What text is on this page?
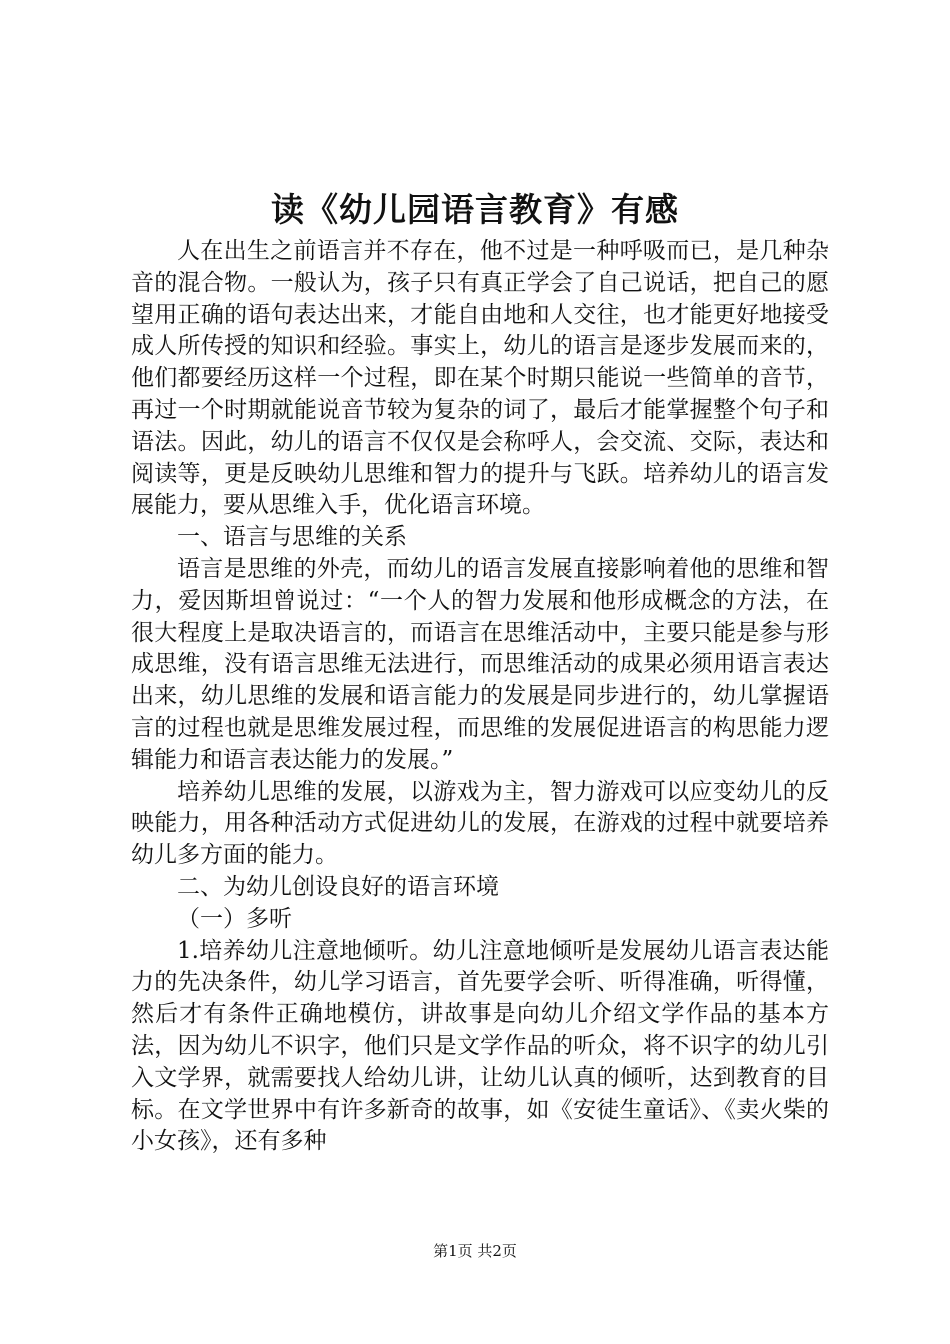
读《幼儿园语言教育》有感

人在出生之前语言并不存在，他不过是一种呼吸而已，是几种杂音的混合物。一般认为，孩子只有真正学会了自己说话，把自己的愿望用正确的语句表达出来，才能自由地和人交往，也才能更好地接受成人所传授的知识和经验。事实上，幼儿的语言是逐步发展而来的，他们都要经历这样一个过程，即在某个时期只能说一些简单的音节，再过一个时期就能说音节较为复杂的词了，最后才能掌握整个句子和语法。因此，幼儿的语言不仅仅是会称呼人，会交流、交际，表达和阅读等，更是反映幼儿思维和智力的提升与飞跃。培养幼儿的语言发展能力，要从思维入手，优化语言环境。

一、语言与思维的关系

语言是思维的外壳，而幼儿的语言发展直接影响着他的思维和智力，爱因斯坦曾说过：“一个人的智力发展和他形成概念的方法，在很大程度上是取决语言的，而语言在思维活动中，主要只能是参与形成思维，没有语言思维无法进行，而思维活动的成果必须用语言表达出来，幼儿思维的发展和语言能力的发展是同步进行的，幼儿掌握语言的过程也就是思维发展过程，而思维的发展促进语言的构思能力逻辑能力和语言表达能力的发展。”

培养幼儿思维的发展，以游戏为主，智力游戏可以应变幼儿的反映能力，用各种活动方式促进幼儿的发展，在游戏的过程中就要培养幼儿多方面的能力。

二、为幼儿创设良好的语言环境

（一）多听

1.培养幼儿注意地倾听。幼儿注意地倾听是发展幼儿语言表达能力的先决条件，幼儿学习语言，首先要学会听、听得准确，听得懂，然后才有条件正确地模仿，讲故事是向幼儿介绍文学作品的基本方法，因为幼儿不识字，他们只是文学作品的听众，将不识字的幼儿引入文学界，就需要找人给幼儿讲，让幼儿认真的倾听，达到教育的目标。在文学世界中有许多新奇的故事，如《安徒生童话》、《卖火柴的小女孩》，还有多种

第1页 共2页
